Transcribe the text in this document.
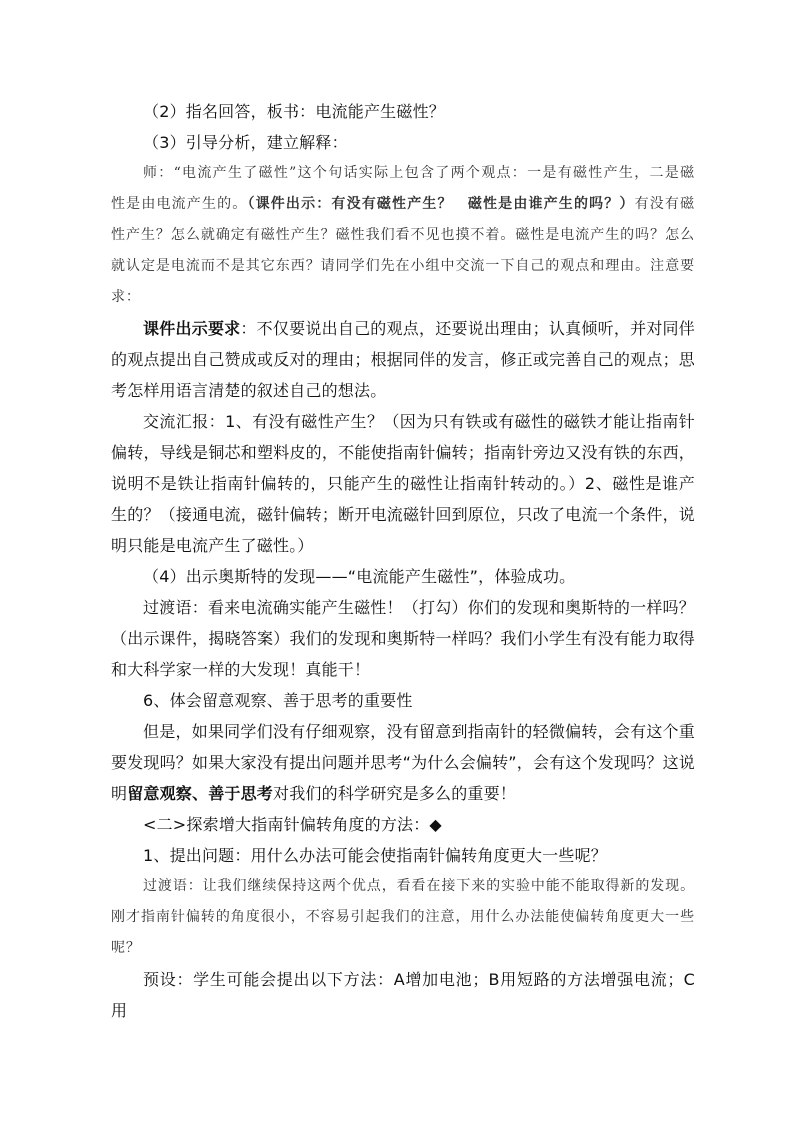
（2）指名回答，板书：电流能产生磁性？

（3）引导分析，建立解释：

师：“电流产生了磁性”这个句话实际上包含了两个观点：一是有磁性产生，二是磁性是由电流产生的。（课件出示：有没有磁性产生？　磁性是由谁产生的吗？）有没有磁性产生？怎么就确定有磁性产生？磁性我们看不见也摸不着。磁性是电流产生的吗？怎么就认定是电流而不是其它东西？请同学们先在小组中交流一下自己的观点和理由。注意要求：

课件出示要求：不仅要说出自己的观点，还要说出理由；认真倾听，并对同伴的观点提出自己赞成或反对的理由；根据同伴的发言，修正或完善自己的观点；思考怎样用语言清楚的叙述自己的想法。

交流汇报：1、有没有磁性产生？（因为只有铁或有磁性的磁铁才能让指南针偏转，导线是铜芯和塑料皮的，不能使指南针偏转；指南针旁边又没有铁的东西，说明不是铁让指南针偏转的，只能产生的磁性让指南针转动的。）2、磁性是谁产生的？（接通电流，磁针偏转；断开电流磁针回到原位，只改了电流一个条件，说明只能是电流产生了磁性。）

（4）出示奥斯特的发现——“电流能产生磁性”，体验成功。

过渡语：看来电流确实能产生磁性！（打勾）你们的发现和奥斯特的一样吗？（出示课件，揭晓答案）我们的发现和奥斯特一样吗？我们小学生有没有能力取得和大科学家一样的大发现！真能干！

6、体会留意观察、善于思考的重要性

但是，如果同学们没有仔细观察，没有留意到指南针的轻微偏转，会有这个重要发现吗？如果大家没有提出问题并思考“为什么会偏转”，会有这个发现吗？这说明留意观察、善于思考对我们的科学研究是多么的重要！

<二>探索增大指南针偏转角度的方法：◆

1、提出问题：用什么办法可能会使指南针偏转角度更大一些呢？

过渡语：让我们继续保持这两个优点，看看在接下来的实验中能不能取得新的发现。刚才指南针偏转的角度很小，不容易引起我们的注意，用什么办法能使偏转角度更大一些呢？

预设：学生可能会提出以下方法：A增加电池；B用短路的方法增强电流；C用
